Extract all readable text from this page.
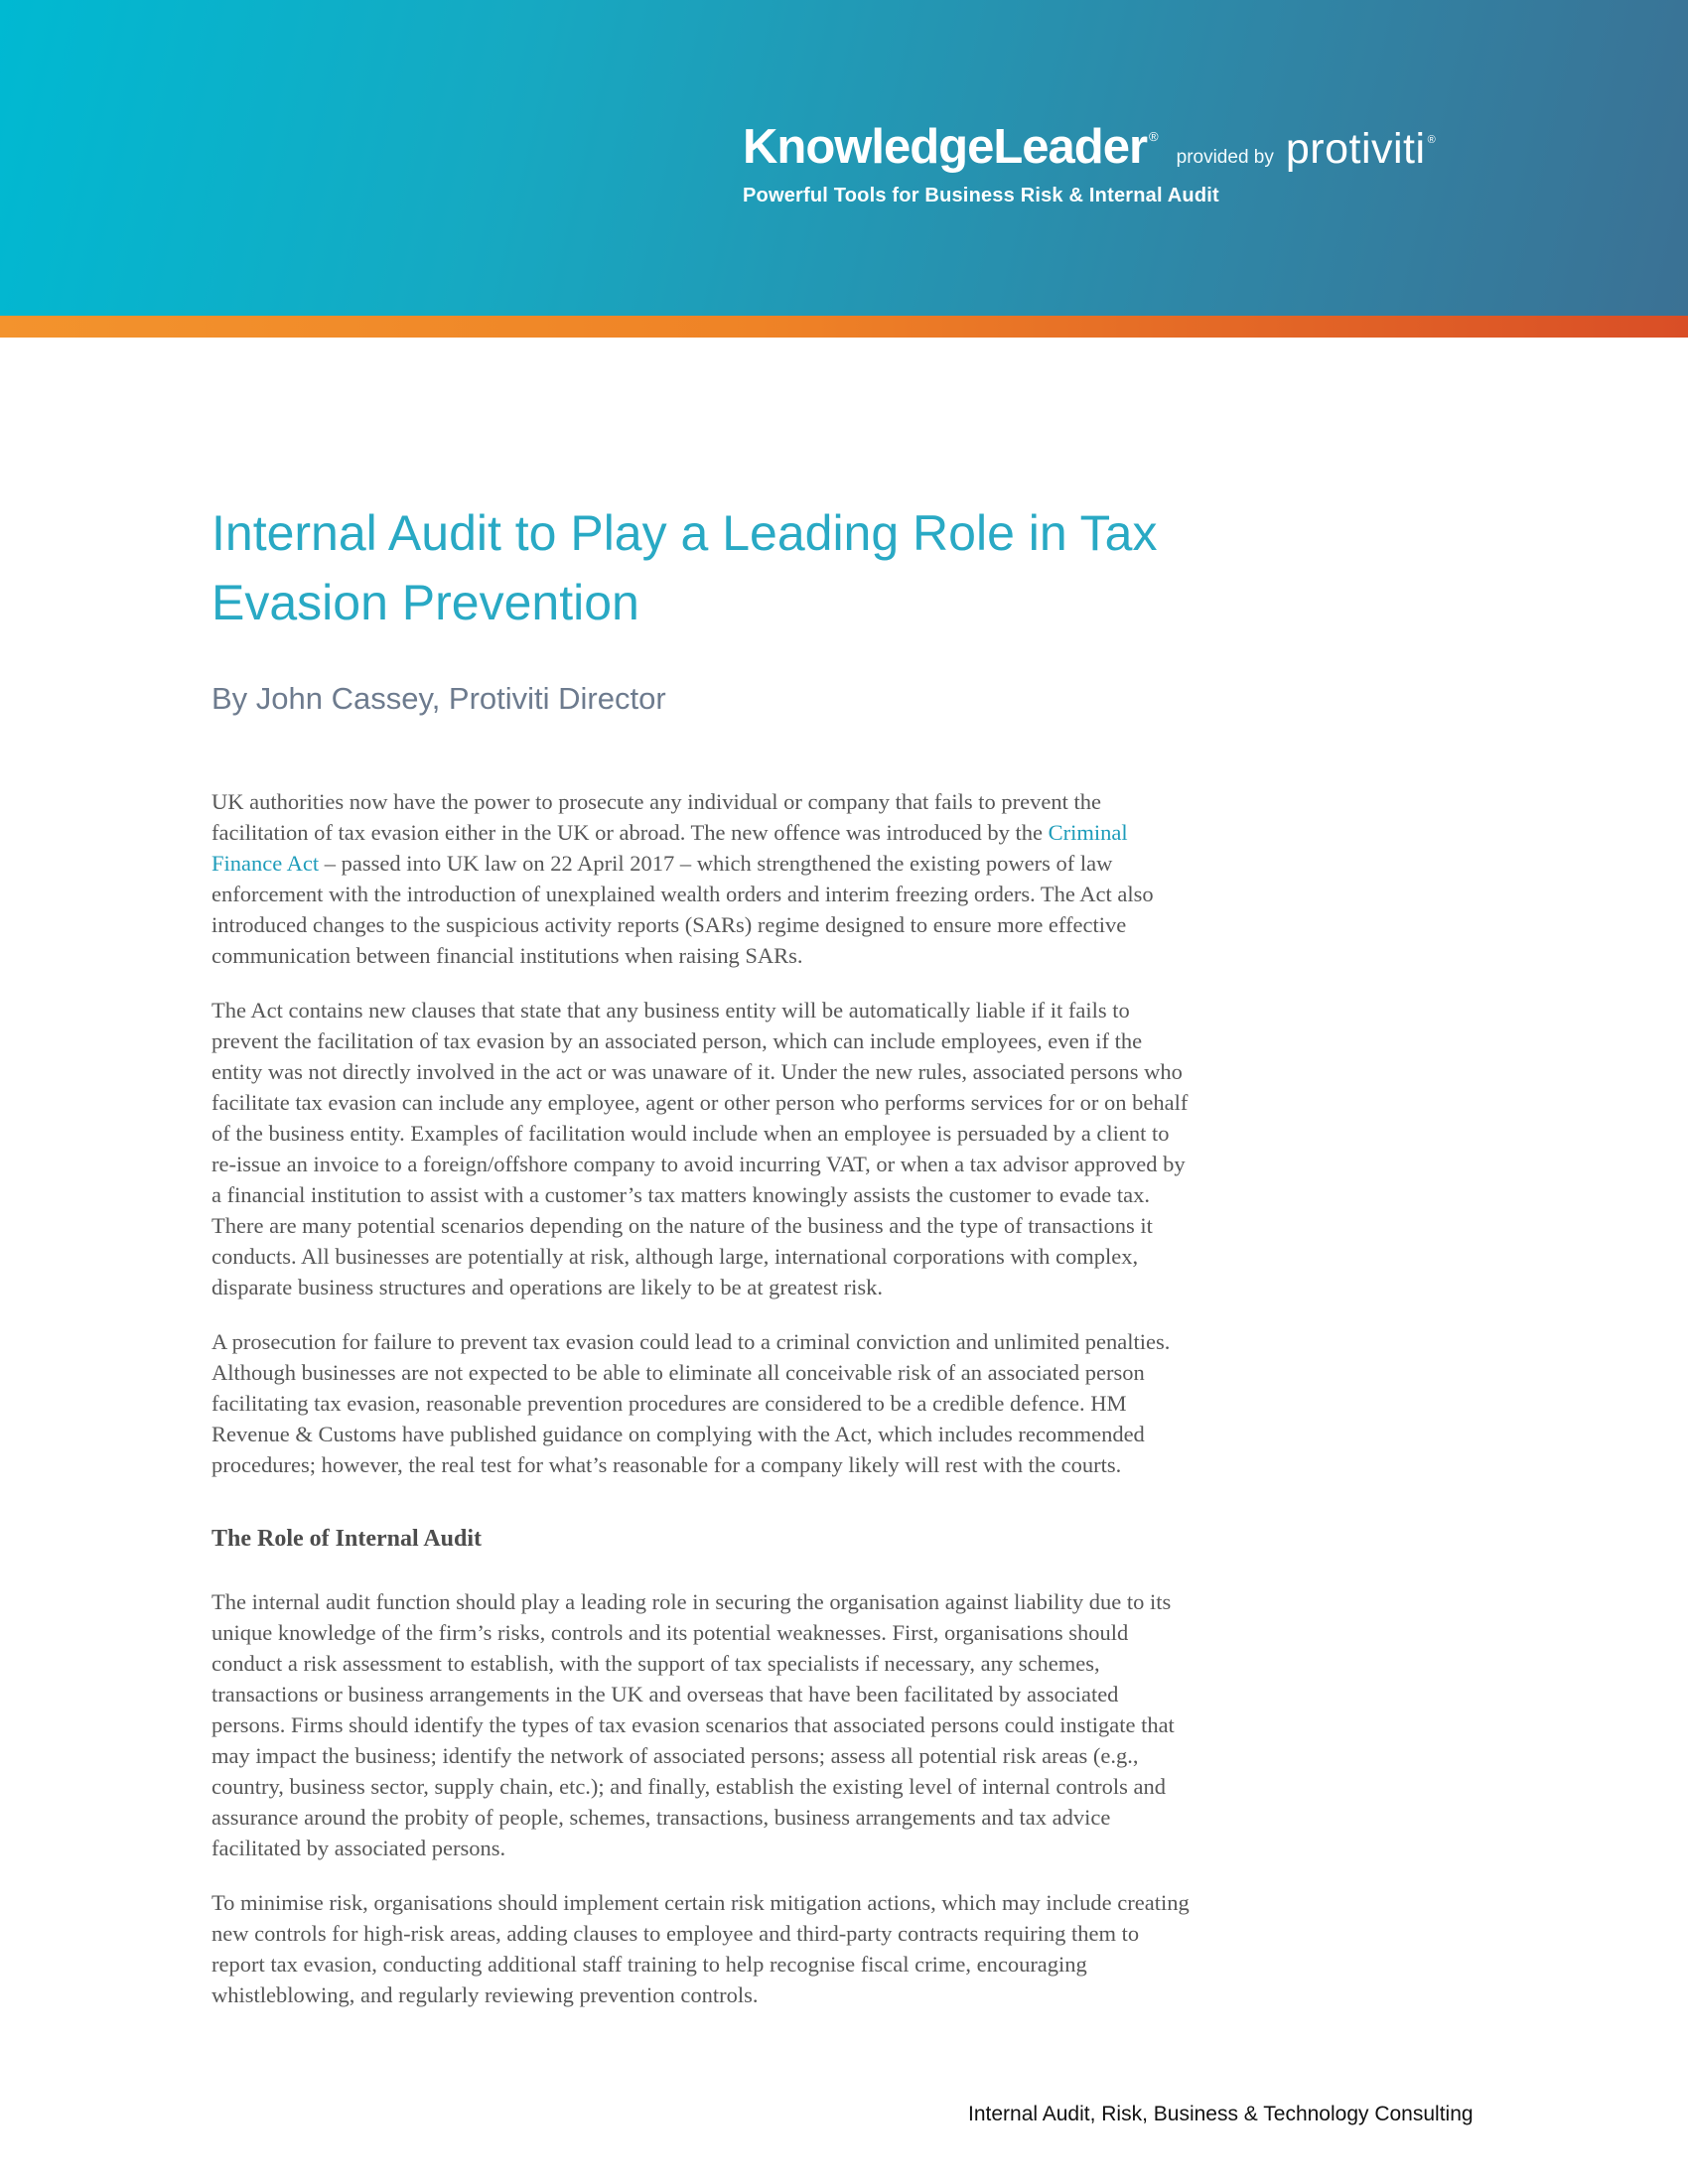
KnowledgeLeader ®
provided by protiviti ®
Powerful Tools for Business Risk & Internal Audit
Internal Audit to Play a Leading Role in Tax Evasion Prevention

By John Cassey, Protiviti Director

UK authorities now have the power to prosecute any individual or company that fails to prevent the facilitation of tax evasion either in the UK or abroad. The new offence was introduced by the Criminal Finance Act – passed into UK law on 22 April 2017 – which strengthened the existing powers of law enforcement with the introduction of unexplained wealth orders and interim freezing orders. The Act also introduced changes to the suspicious activity reports (SARs) regime designed to ensure more effective communication between financial institutions when raising SARs.

The Act contains new clauses that state that any business entity will be automatically liable if it fails to prevent the facilitation of tax evasion by an associated person, which can include employees, even if the entity was not directly involved in the act or was unaware of it. Under the new rules, associated persons who facilitate tax evasion can include any employee, agent or other person who performs services for or on behalf of the business entity. Examples of facilitation would include when an employee is persuaded by a client to re-issue an invoice to a foreign/offshore company to avoid incurring VAT, or when a tax advisor approved by a financial institution to assist with a customer’s tax matters knowingly assists the customer to evade tax. There are many potential scenarios depending on the nature of the business and the type of transactions it conducts. All businesses are potentially at risk, although large, international corporations with complex, disparate business structures and operations are likely to be at greatest risk.

A prosecution for failure to prevent tax evasion could lead to a criminal conviction and unlimited penalties. Although businesses are not expected to be able to eliminate all conceivable risk of an associated person facilitating tax evasion, reasonable prevention procedures are considered to be a credible defence. HM Revenue & Customs have published guidance on complying with the Act, which includes recommended procedures; however, the real test for what’s reasonable for a company likely will rest with the courts.

The Role of Internal Audit

The internal audit function should play a leading role in securing the organisation against liability due to its unique knowledge of the firm’s risks, controls and its potential weaknesses. First, organisations should conduct a risk assessment to establish, with the support of tax specialists if necessary, any schemes, transactions or business arrangements in the UK and overseas that have been facilitated by associated persons. Firms should identify the types of tax evasion scenarios that associated persons could instigate that may impact the business; identify the network of associated persons; assess all potential risk areas (e.g., country, business sector, supply chain, etc.); and finally, establish the existing level of internal controls and assurance around the probity of people, schemes, transactions, business arrangements and tax advice facilitated by associated persons.

To minimise risk, organisations should implement certain risk mitigation actions, which may include creating new controls for high-risk areas, adding clauses to employee and third-party contracts requiring them to report tax evasion, conducting additional staff training to help recognise fiscal crime, encouraging whistleblowing, and regularly reviewing prevention controls.

Internal Audit, Risk, Business & Technology Consulting
